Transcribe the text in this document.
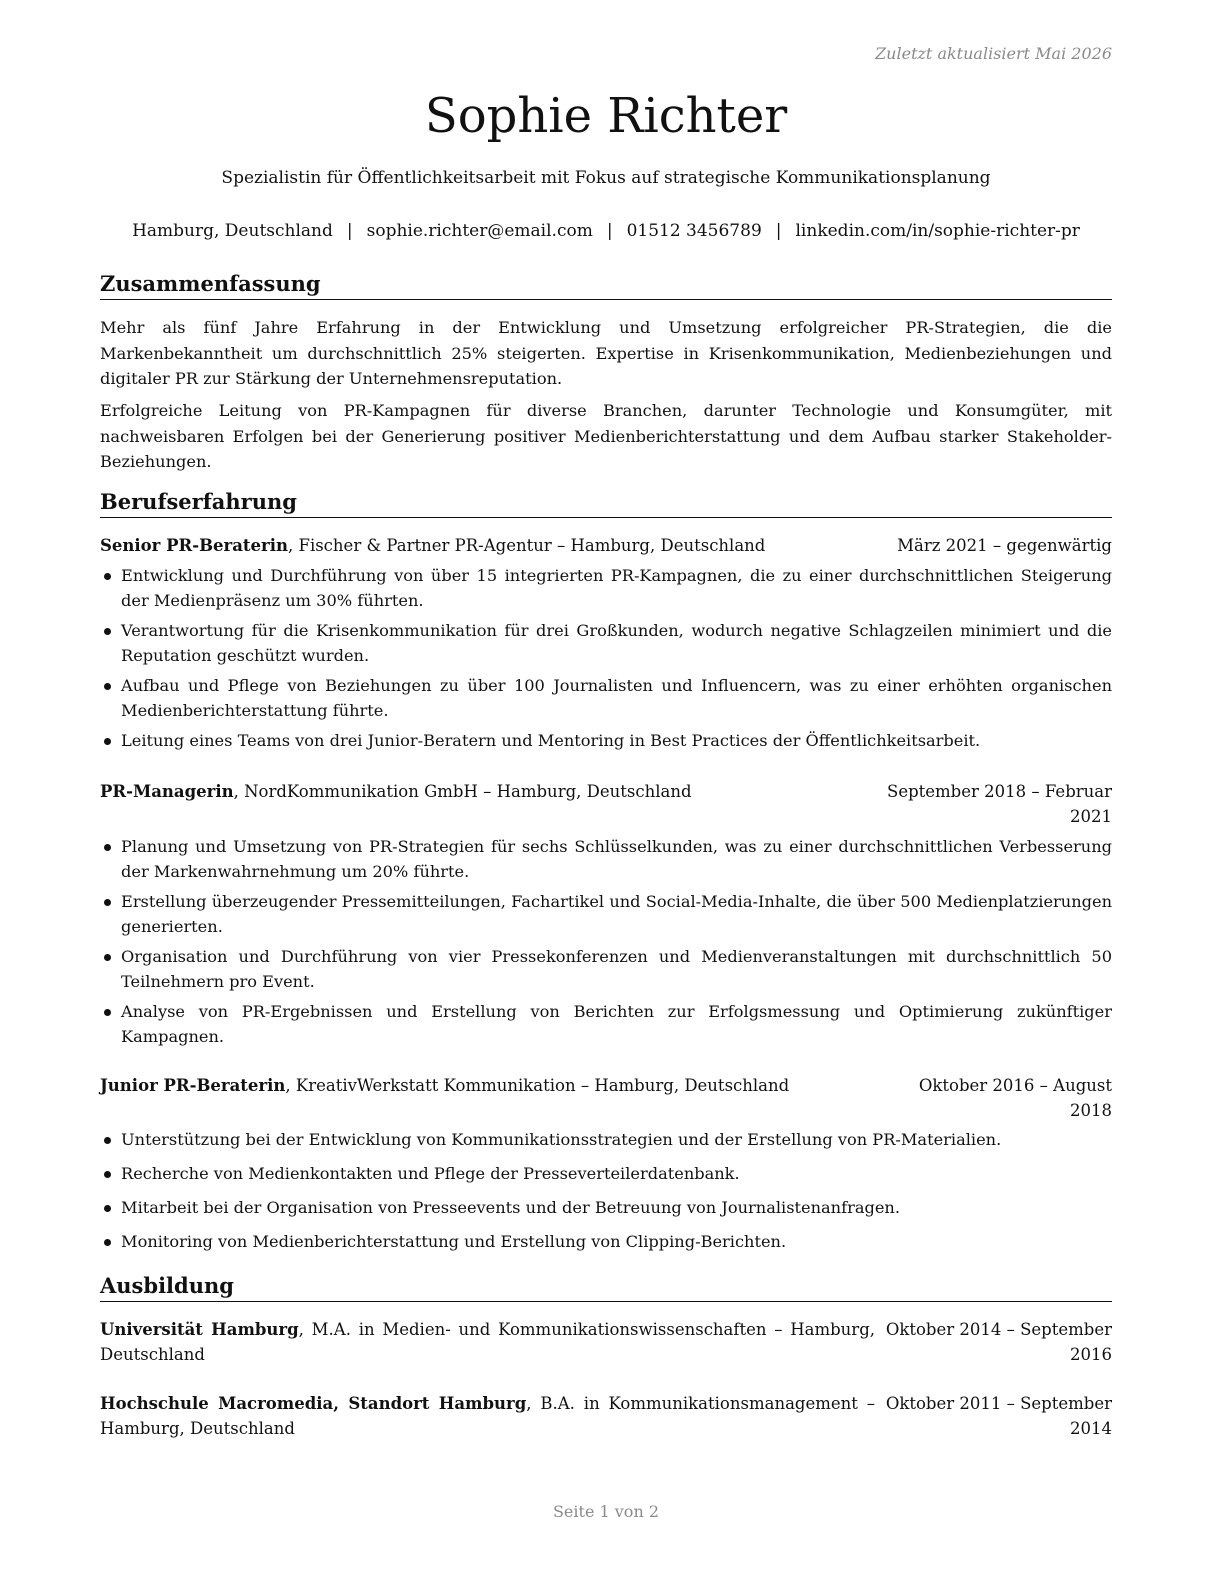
Zuletzt aktualisiert Mai 2026
Sophie Richter
Spezialistin für Öffentlichkeitsarbeit mit Fokus auf strategische Kommunikationsplanung
Hamburg, Deutschland | sophie.richter@email.com | 01512 3456789 | linkedin.com/in/sophie-richter-pr
Zusammenfassung
Mehr als fünf Jahre Erfahrung in der Entwicklung und Umsetzung erfolgreicher PR-Strategien, die die Markenbekanntheit um durchschnittlich 25% steigerten. Expertise in Krisenkommunikation, Medienbeziehungen und digitaler PR zur Stärkung der Unternehmensreputation.
Erfolgreiche Leitung von PR-Kampagnen für diverse Branchen, darunter Technologie und Konsumgüter, mit nachweisbaren Erfolgen bei der Generierung positiver Medienberichterstattung und dem Aufbau starker Stakeholder-Beziehungen.
Berufserfahrung
Senior PR-Beraterin, Fischer & Partner PR-Agentur – Hamburg, Deutschland	März 2021 – gegenwärtig
Entwicklung und Durchführung von über 15 integrierten PR-Kampagnen, die zu einer durchschnittlichen Steigerung der Medienpräsenz um 30% führten.
Verantwortung für die Krisenkommunikation für drei Großkunden, wodurch negative Schlagzeilen minimiert und die Reputation geschützt wurden.
Aufbau und Pflege von Beziehungen zu über 100 Journalisten und Influencern, was zu einer erhöhten organischen Medienberichterstattung führte.
Leitung eines Teams von drei Junior-Beratern und Mentoring in Best Practices der Öffentlichkeitsarbeit.
PR-Managerin, NordKommunikation GmbH – Hamburg, Deutschland	September 2018 – Februar 2021
Planung und Umsetzung von PR-Strategien für sechs Schlüsselkunden, was zu einer durchschnittlichen Verbesserung der Markenwahrnehmung um 20% führte.
Erstellung überzeugender Pressemitteilungen, Fachartikel und Social-Media-Inhalte, die über 500 Medienplatzierungen generierten.
Organisation und Durchführung von vier Pressekonferenzen und Medienveranstaltungen mit durchschnittlich 50 Teilnehmern pro Event.
Analyse von PR-Ergebnissen und Erstellung von Berichten zur Erfolgsmessung und Optimierung zukünftiger Kampagnen.
Junior PR-Beraterin, KreativWerkstatt Kommunikation – Hamburg, Deutschland	Oktober 2016 – August 2018
Unterstützung bei der Entwicklung von Kommunikationsstrategien und der Erstellung von PR-Materialien.
Recherche von Medienkontakten und Pflege der Presseverteilerdatenbank.
Mitarbeit bei der Organisation von Presseevents und der Betreuung von Journalistenanfragen.
Monitoring von Medienberichterstattung und Erstellung von Clipping-Berichten.
Ausbildung
Universität Hamburg, M.A. in Medien- und Kommunikationswissenschaften – Hamburg, Deutschland
Oktober 2014 – September 2016
Hochschule Macromedia, Standort Hamburg, B.A. in Kommunikationsmanagement – Hamburg, Deutschland
Oktober 2011 – September 2014
Seite 1 von 2
